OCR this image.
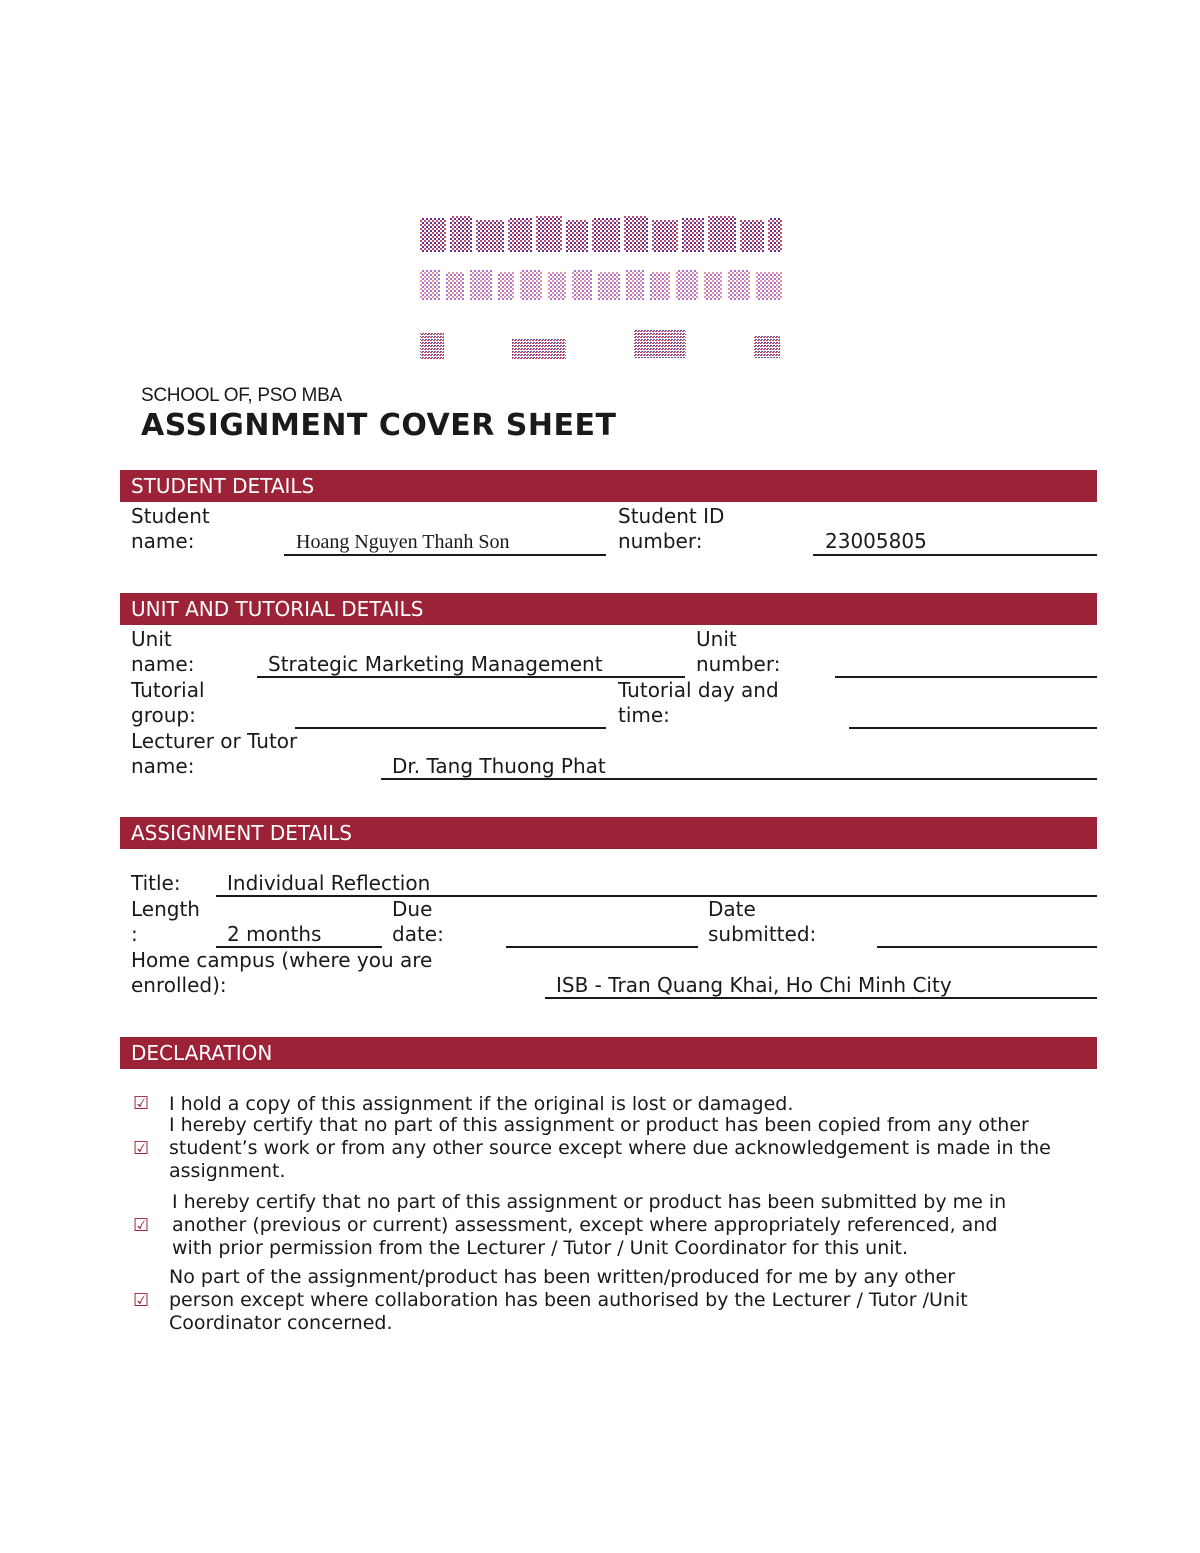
SCHOOL OF, PSO MBA
ASSIGNMENT COVER SHEET
STUDENT DETAILS
Student
name:	Hoang Nguyen Thanh Son
Student ID
number:	23005805
UNIT AND TUTORIAL DETAILS
Unit
name:	Strategic Marketing Management
Unit
number:
Tutorial
group:
Tutorial day and
time:
Lecturer or Tutor
name:	Dr. Tang Thuong Phat
ASSIGNMENT DETAILS
Title: Individual Reflection
Length
:	2 months
Due
date:
Date
submitted:
Home campus (where you are
enrolled):	ISB - Tran Quang Khai, Ho Chi Minh City
DECLARATION
☑ I hold a copy of this assignment if the original is lost or damaged.
☑
I hereby certify that no part of this assignment or product has been copied from any other
student’s work or from any other source except where due acknowledgement is made in the
assignment.
☑
I hereby certify that no part of this assignment or product has been submitted by me in
another (previous or current) assessment, except where appropriately referenced, and
with prior permission from the Lecturer / Tutor / Unit Coordinator for this unit.
☑
No part of the assignment/product has been written/produced for me by any other
person except where collaboration has been authorised by the Lecturer / Tutor /Unit
Coordinator concerned.
